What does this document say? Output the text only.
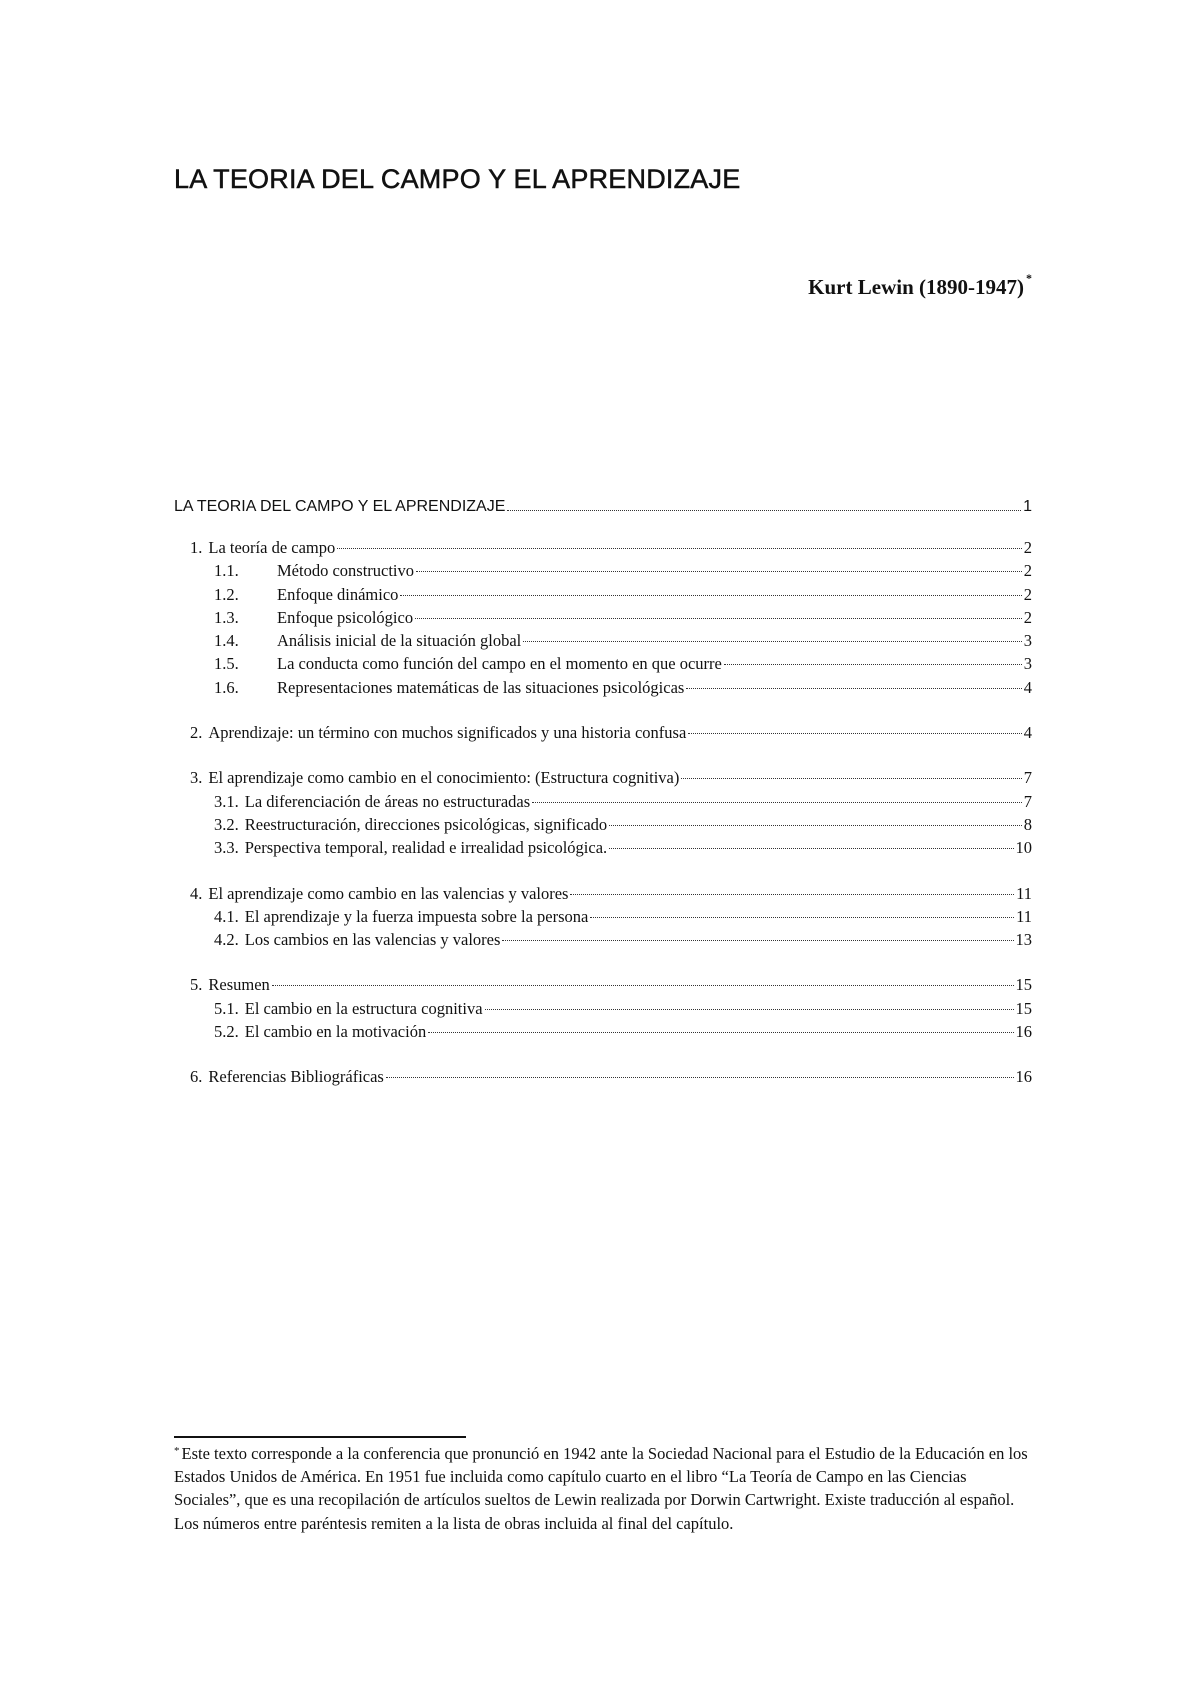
LA TEORIA DEL CAMPO Y EL APRENDIZAJE
Kurt Lewin (1890-1947) *
LA TEORIA DEL CAMPO Y EL APRENDIZAJE	1
1. La teoría de campo	2
1.1. Método constructivo	2
1.2. Enfoque dinámico	2
1.3. Enfoque psicológico	2
1.4. Análisis inicial de la situación global	3
1.5. La conducta como función del campo en el momento en que ocurre	3
1.6. Representaciones matemáticas de las situaciones psicológicas	4
2. Aprendizaje: un término con muchos significados y una historia confusa	4
3. El aprendizaje como cambio en el conocimiento: (Estructura cognitiva)	7
3.1. La diferenciación de áreas no estructuradas	7
3.2. Reestructuración, direcciones psicológicas, significado	8
3.3. Perspectiva temporal, realidad e irrealidad psicológica.	10
4. El aprendizaje como cambio en las valencias y valores	11
4.1. El aprendizaje y la fuerza impuesta sobre la persona	11
4.2. Los cambios en las valencias y valores	13
5. Resumen	15
5.1. El cambio en la estructura cognitiva	15
5.2. El cambio en la motivación	16
6. Referencias Bibliográficas	16

* Este texto corresponde a la conferencia que pronunció en 1942 ante la Sociedad Nacional para el Estudio de la Educación en los Estados Unidos de América. En 1951 fue incluida como capítulo cuarto en el libro “La Teoría de Campo en las Ciencias Sociales”, que es una recopilación de artículos sueltos de Lewin realizada por Dorwin Cartwright. Existe traducción al español. Los números entre paréntesis remiten a la lista de obras incluida al final del capítulo.
